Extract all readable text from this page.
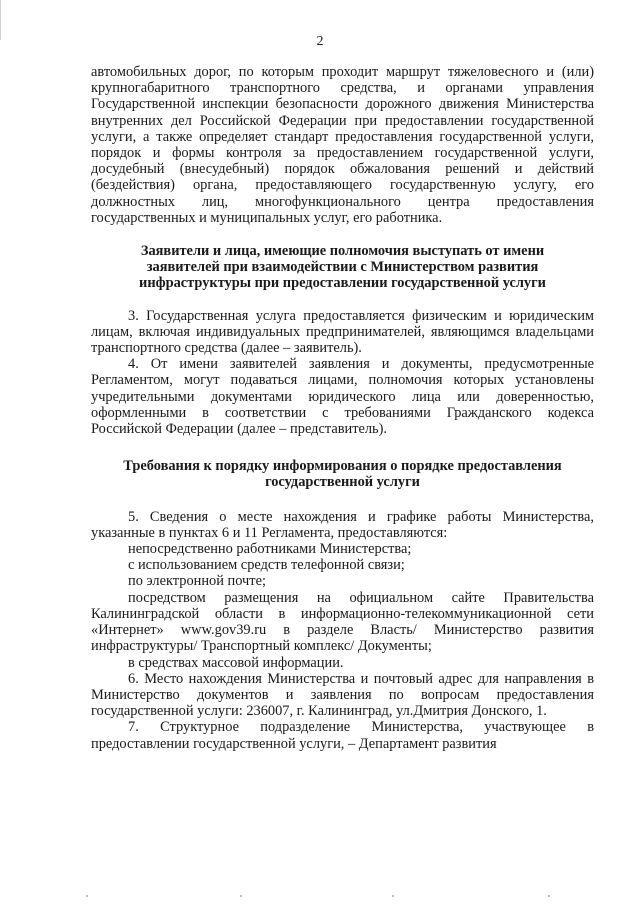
2

автомобильных дорог, по которым проходит маршрут тяжеловесного и (или) крупногабаритного транспортного средства, и органами управления Государственной инспекции безопасности дорожного движения Министерства внутренних дел Российской Федерации при предоставлении государственной услуги, а также определяет стандарт предоставления государственной услуги, порядок и формы контроля за предоставлением государственной услуги, досудебный (внесудебный) порядок обжалования решений и действий (бездействия) органа, предоставляющего государственную услугу, его должностных лиц, многофункционального центра предоставления государственных и муниципальных услуг, его работника.

Заявители и лица, имеющие полномочия выступать от имени заявителей при взаимодействии с Министерством развития инфраструктуры при предоставлении государственной услуги

3. Государственная услуга предоставляется физическим и юридическим лицам, включая индивидуальных предпринимателей, являющимся владельцами транспортного средства (далее – заявитель).

4. От имени заявителей заявления и документы, предусмотренные Регламентом, могут подаваться лицами, полномочия которых установлены учредительными документами юридического лица или доверенностью, оформленными в соответствии с требованиями Гражданского кодекса Российской Федерации (далее – представитель).

Требования к порядку информирования о порядке предоставления государственной услуги

5. Сведения о месте нахождения и графике работы Министерства, указанные в пунктах 6 и 11 Регламента, предоставляются:

непосредственно работниками Министерства;

с использованием средств телефонной связи;

по электронной почте;

посредством размещения на официальном сайте Правительства Калининградской области в информационно-телекоммуникационной сети «Интернет» www.gov39.ru в разделе Власть/ Министерство развития инфраструктуры/ Транспортный комплекс/ Документы;

в средствах массовой информации.

6. Место нахождения Министерства и почтовый адрес для направления в Министерство документов и заявления по вопросам предоставления государственной услуги: 236007, г. Калининград, ул.Дмитрия Донского, 1.

7. Структурное подразделение Министерства, участвующее в предоставлении государственной услуги, – Департамент развития
